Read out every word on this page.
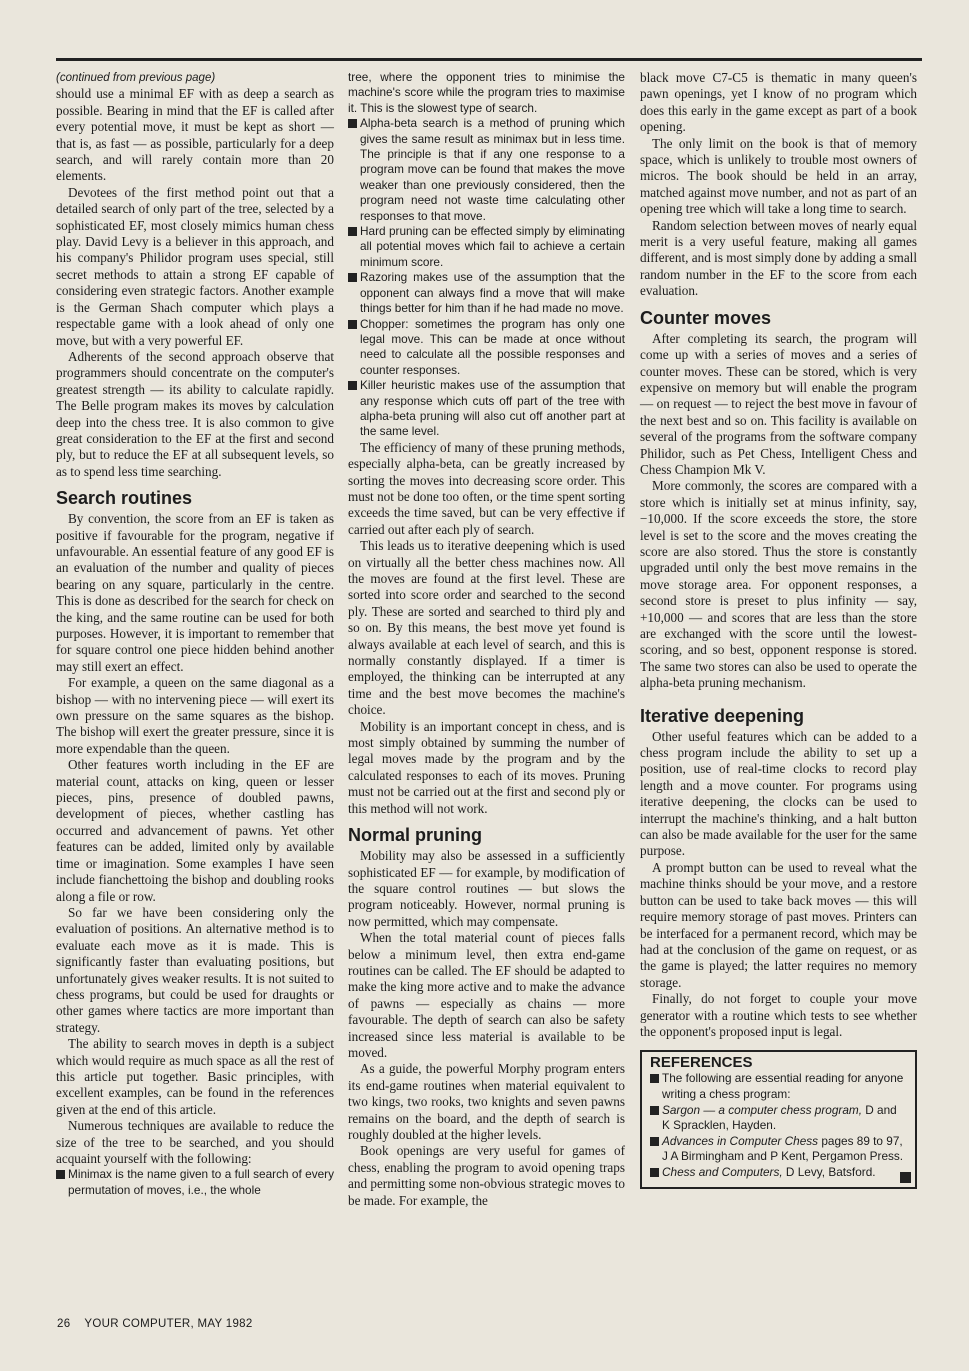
(continued from previous page)

should use a minimal EF with as deep a search as possible. Bearing in mind that the EF is called after every potential move, it must be kept as short — that is, as fast — as possible, particularly for a deep search, and will rarely contain more than 20 elements.

Devotees of the first method point out that a detailed search of only part of the tree, selected by a sophisticated EF, most closely mimics human chess play. David Levy is a believer in this approach, and his company's Philidor program uses special, still secret methods to attain a strong EF capable of considering even strategic factors. Another example is the German Shach computer which plays a respectable game with a look ahead of only one move, but with a very powerful EF.

Adherents of the second approach observe that programmers should concentrate on the computer's greatest strength — its ability to calculate rapidly. The Belle program makes its moves by calculation deep into the chess tree. It is also common to give great consideration to the EF at the first and second ply, but to reduce the EF at all subsequent levels, so as to spend less time searching.

Search routines

By convention, the score from an EF is taken as positive if favourable for the program, negative if unfavourable. An essential feature of any good EF is an evaluation of the number and quality of pieces bearing on any square, particularly in the centre. This is done as described for the search for check on the king, and the same routine can be used for both purposes. However, it is important to remember that for square control one piece hidden behind another may still exert an effect.

For example, a queen on the same diagonal as a bishop — with no intervening piece — will exert its own pressure on the same squares as the bishop. The bishop will exert the greater pressure, since it is more expendable than the queen.

Other features worth including in the EF are material count, attacks on king, queen or lesser pieces, pins, presence of doubled pawns, development of pieces, whether castling has occurred and advancement of pawns. Yet other features can be added, limited only by available time or imagination. Some examples I have seen include fianchettoing the bishop and doubling rooks along a file or row.

So far we have been considering only the evaluation of positions. An alternative method is to evaluate each move as it is made. This is significantly faster than evaluating positions, but unfortunately gives weaker results. It is not suited to chess programs, but could be used for draughts or other games where tactics are more important than strategy.

The ability to search moves in depth is a subject which would require as much space as all the rest of this article put together. Basic principles, with excellent examples, can be found in the references given at the end of this article.

Numerous techniques are available to reduce the size of the tree to be searched, and you should acquaint yourself with the following:

Minimax is the name given to a full search of every permutation of moves, i.e., the whole

tree, where the opponent tries to minimise the machine's score while the program tries to maximise it. This is the slowest type of search.

Alpha-beta search is a method of pruning which gives the same result as minimax but in less time. The principle is that if any one response to a program move can be found that makes the move weaker than one previously considered, then the program need not waste time calculating other responses to that move.

Hard pruning can be effected simply by eliminating all potential moves which fail to achieve a certain minimum score.

Razoring makes use of the assumption that the opponent can always find a move that will make things better for him than if he had made no move.

Chopper: sometimes the program has only one legal move. This can be made at once without need to calculate all the possible responses and counter responses.

Killer heuristic makes use of the assumption that any response which cuts off part of the tree with alpha-beta pruning will also cut off another part at the same level.

The efficiency of many of these pruning methods, especially alpha-beta, can be greatly increased by sorting the moves into decreasing score order. This must not be done too often, or the time spent sorting exceeds the time saved, but can be very effective if carried out after each ply of search.

This leads us to iterative deepening which is used on virtually all the better chess machines now. All the moves are found at the first level. These are sorted into score order and searched to the second ply. These are sorted and searched to third ply and so on. By this means, the best move yet found is always available at each level of search, and this is normally constantly displayed. If a timer is employed, the thinking can be interrupted at any time and the best move becomes the machine's choice.

Mobility is an important concept in chess, and is most simply obtained by summing the number of legal moves made by the program and by the calculated responses to each of its moves. Pruning must not be carried out at the first and second ply or this method will not work.

Normal pruning

Mobility may also be assessed in a sufficiently sophisticated EF — for example, by modification of the square control routines — but slows the program noticeably. However, normal pruning is now permitted, which may compensate.

When the total material count of pieces falls below a minimum level, then extra end-game routines can be called. The EF should be adapted to make the king more active and to make the advance of pawns — especially as chains — more favourable. The depth of search can also be safety increased since less material is available to be moved.

As a guide, the powerful Morphy program enters its end-game routines when material equivalent to two kings, two rooks, two knights and seven pawns remains on the board, and the depth of search is roughly doubled at the higher levels.

Book openings are very useful for games of chess, enabling the program to avoid opening traps and permitting some non-obvious strategic moves to be made. For example, the

black move C7-C5 is thematic in many queen's pawn openings, yet I know of no program which does this early in the game except as part of a book opening.

The only limit on the book is that of memory space, which is unlikely to trouble most owners of micros. The book should be held in an array, matched against move number, and not as part of an opening tree which will take a long time to search.

Random selection between moves of nearly equal merit is a very useful feature, making all games different, and is most simply done by adding a small random number in the EF to the score from each evaluation.

Counter moves

After completing its search, the program will come up with a series of moves and a series of counter moves. These can be stored, which is very expensive on memory but will enable the program — on request — to reject the best move in favour of the next best and so on. This facility is available on several of the programs from the software company Philidor, such as Pet Chess, Intelligent Chess and Chess Champion Mk V.

More commonly, the scores are compared with a store which is initially set at minus infinity, say, −10,000. If the score exceeds the store, the store level is set to the score and the moves creating the score are also stored. Thus the store is constantly upgraded until only the best move remains in the move storage area. For opponent responses, a second store is preset to plus infinity — say, +10,000 — and scores that are less than the store are exchanged with the score until the lowest-scoring, and so best, opponent response is stored. The same two stores can also be used to operate the alpha-beta pruning mechanism.

Iterative deepening

Other useful features which can be added to a chess program include the ability to set up a position, use of real-time clocks to record play length and a move counter. For programs using iterative deepening, the clocks can be used to interrupt the machine's thinking, and a halt button can also be made available for the user for the same purpose.

A prompt button can be used to reveal what the machine thinks should be your move, and a restore button can be used to take back moves — this will require memory storage of past moves. Printers can be interfaced for a permanent record, which may be had at the conclusion of the game on request, or as the game is played; the latter requires no memory storage.

Finally, do not forget to couple your move generator with a routine which tests to see whether the opponent's proposed input is legal.

REFERENCES

The following are essential reading for anyone writing a chess program:

Sargon — a computer chess program, D and K Spracklen, Hayden.

Advances in Computer Chess pages 89 to 97, J A Birmingham and P Kent, Pergamon Press.

Chess and Computers, D Levy, Batsford.

26 YOUR COMPUTER, MAY 1982
